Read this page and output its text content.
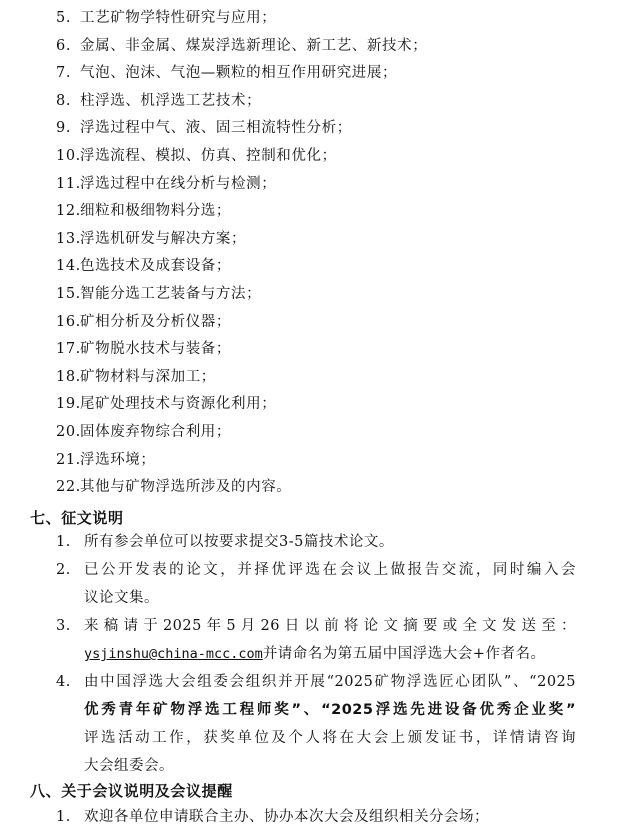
5. 工艺矿物学特性研究与应用；
6. 金属、非金属、煤炭浮选新理论、新工艺、新技术；
7. 气泡、泡沫、气泡—颗粒的相互作用研究进展；
8. 柱浮选、机浮选工艺技术；
9. 浮选过程中气、液、固三相流特性分析；
10.浮选流程、模拟、仿真、控制和优化；
11.浮选过程中在线分析与检测；
12.细粒和极细物料分选；
13.浮选机研发与解决方案；
14.色选技术及成套设备；
15.智能分选工艺装备与方法；
16.矿相分析及分析仪器；
17.矿物脱水技术与装备；
18.矿物材料与深加工；
19.尾矿处理技术与资源化利用；
20.固体废弃物综合利用；
21.浮选环境；
22.其他与矿物浮选所涉及的内容。
七、征文说明
1. 所有参会单位可以按要求提交3-5篇技术论文。
2. 已公开发表的论文，并择优评选在会议上做报告交流，同时编入会
议论文集。
3. 来稿请于2025年5月26日以前将论文摘要或全文发送至：
ysjinshu@china-mcc.com并请命名为第五届中国浮选大会+作者名。
4. 由中国浮选大会组委会组织并开展“2025矿物浮选匠心团队”、“2025
优秀青年矿物浮选工程师奖”、“2025浮选先进设备优秀企业奖”
评选活动工作，获奖单位及个人将在大会上颁发证书，详情请咨询
大会组委会。
八、关于会议说明及会议提醒
1. 欢迎各单位申请联合主办、协办本次大会及组织相关分会场；
